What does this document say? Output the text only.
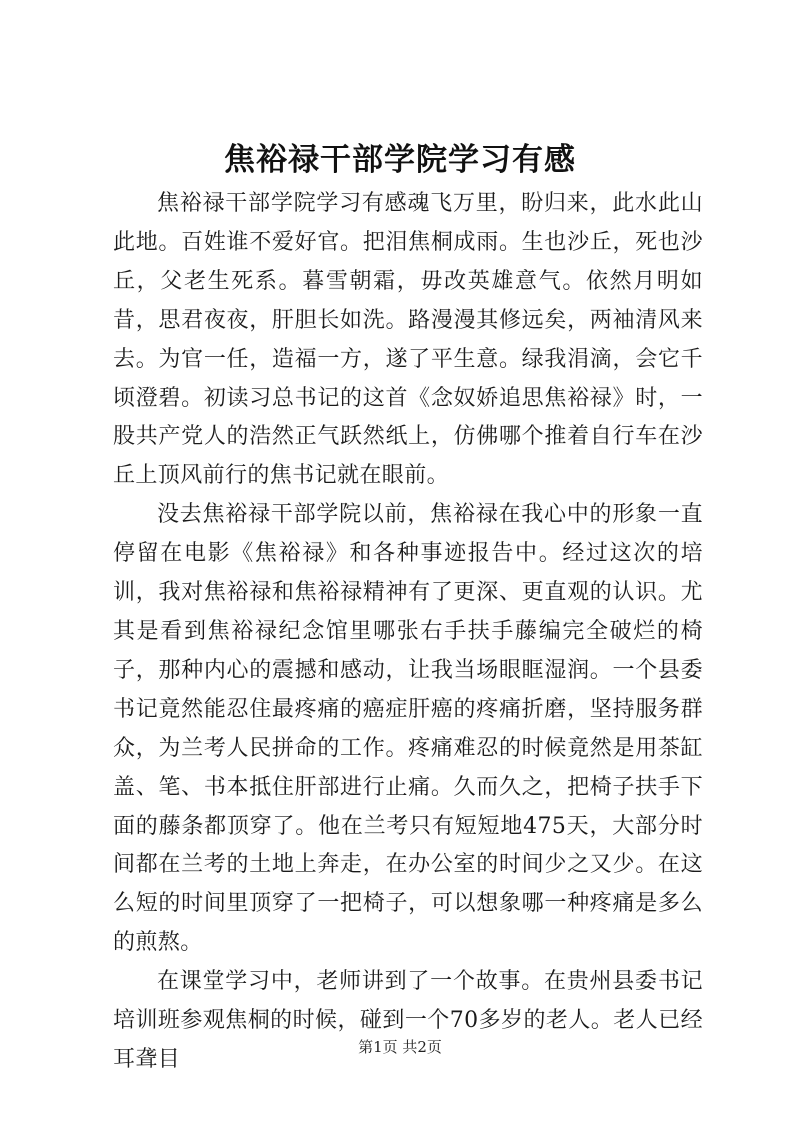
焦裕禄干部学院学习有感

焦裕禄干部学院学习有感魂飞万里，盼归来，此水此山此地。百姓谁不爱好官。把泪焦桐成雨。生也沙丘，死也沙丘，父老生死系。暮雪朝霜，毋改英雄意气。依然月明如昔，思君夜夜，肝胆长如洗。路漫漫其修远矣，两袖清风来去。为官一任，造福一方，遂了平生意。绿我涓滴，会它千顷澄碧。初读习总书记的这首《念奴娇追思焦裕禄》时，一股共产党人的浩然正气跃然纸上，仿佛哪个推着自行车在沙丘上顶风前行的焦书记就在眼前。

没去焦裕禄干部学院以前，焦裕禄在我心中的形象一直停留在电影《焦裕禄》和各种事迹报告中。经过这次的培训，我对焦裕禄和焦裕禄精神有了更深、更直观的认识。尤其是看到焦裕禄纪念馆里哪张右手扶手藤编完全破烂的椅子，那种内心的震撼和感动，让我当场眼眶湿润。一个县委书记竟然能忍住最疼痛的癌症肝癌的疼痛折磨，坚持服务群众，为兰考人民拼命的工作。疼痛难忍的时候竟然是用茶缸盖、笔、书本抵住肝部进行止痛。久而久之，把椅子扶手下面的藤条都顶穿了。他在兰考只有短短地475天，大部分时间都在兰考的土地上奔走，在办公室的时间少之又少。在这么短的时间里顶穿了一把椅子，可以想象哪一种疼痛是多么的煎熬。

在课堂学习中，老师讲到了一个故事。在贵州县委书记培训班参观焦桐的时候，碰到一个70多岁的老人。老人已经耳聋目	第1页 共2页
